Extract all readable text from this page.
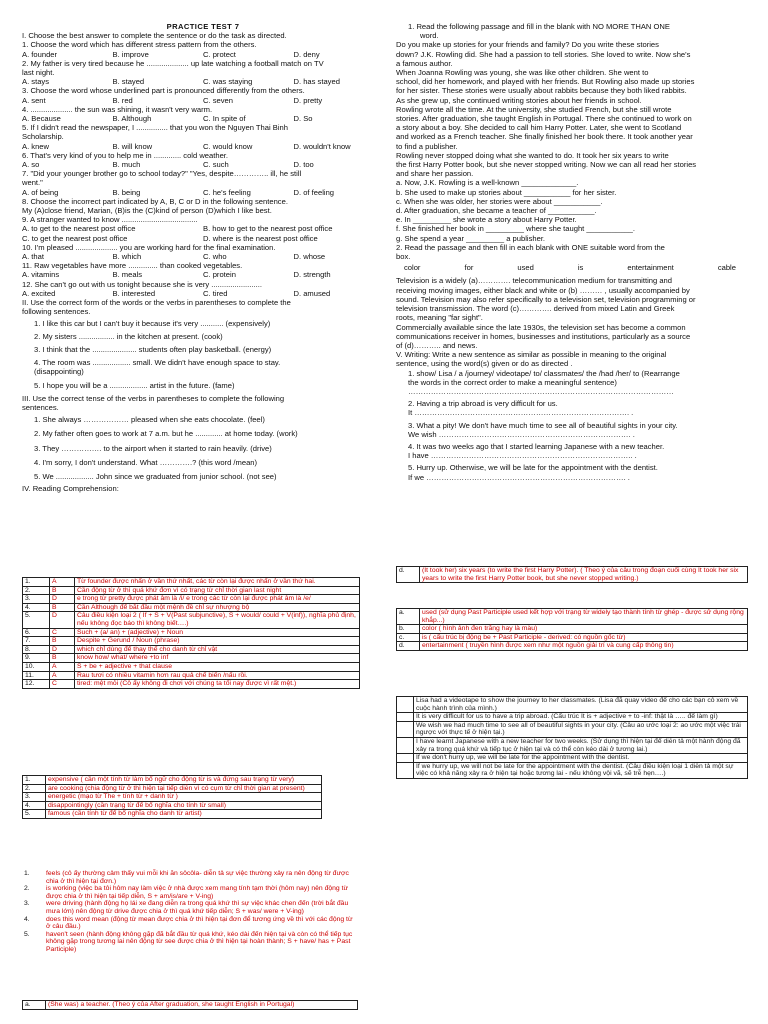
PRACTICE TEST 7
I. Choose the best answer to complete the sentence or do the task as directed.
1. Choose the word which has different stress pattern from the others.
A. founder	B. improve	C. protect	D. deny
2. My father is very tired because he .................... up late watching a football match on TV
last night.
A. stays	B. stayed	C. was staying	D. has stayed
3. Choose the word whose underlined part is pronounced differently from the others.
A. sent	B. red	C. seven	D. pretty
4. .................... the sun was shining, it wasn't very warm.
A. Because	B. Although	C. In spite of	D. So
5. If I didn't read the newspaper, I ............... that you won the Nguyen Thai Binh
Scholarship.
A. knew	B. will know	C. would know	D. wouldn't know
6. That's very kind of you to help me in ............. cold weather.
A. so	B. much	C. such	D. too
7. "Did your younger brother go to school today?" "Yes, despite………….. ill, he still
went."
A. of being	B. being	C. he's feeling	D. of feeling
8. Choose the incorrect part indicated by A, B, C or D in the following sentence.
My (A)close friend, Marian, (B)is the (C)kind of person (D)which I like best.
9. A stranger wanted to know ....................................
A. to get to the nearest post office	B. how to get to the nearest post office
C. to get the nearest post office	D. where is the nearest post office
10. I'm pleased .................... you are working hard for the final examination.
A. that	B. which	C. who	D. whose
11. Raw vegetables have more .............. than cooked vegetables.
A. vitamins	B. meals	C. protein	D. strength
12. She can't go out with us tonight because she is very ........................
A. excited	B. interested	C. tired	D. amused
II. Use the correct form of the words or the verbs in parentheses to complete the
following sentences.
1. I like this car but I can't buy it because it's very ........... (expensively)
2. My sisters ................. in the kitchen at present. (cook)
3. I think that the ..................... students often play basketball. (energy)
4. The room was .................. small. We didn't have enough space to stay.
(disappointing)
5. I hope you will be a .................. artist in the future. (fame)
III. Use the correct tense of the verbs in parentheses to complete the following
sentences.
1. She always ……………… pleased when she eats chocolate. (feel)
2. My father often goes to work at 7 a.m. but he ............. at home today. (work)
3. They ……………. to the airport when it started to rain heavily. (drive)
4. I'm sorry, I don't understand. What ………….? (this word /mean)
5. We .................. John since we graduated from junior school. (not see)
IV. Reading Comprehension:
1. Read the following passage and fill in the blank with NO MORE THAN ONE
word.
Do you make up stories for your friends and family? Do you write these stories
down? J.K. Rowling did. She had a passion to tell stories. She loved to write. Now she's
a famous author.
When Joanna Rowling was young, she was like other children. She went to
school, did her homework, and played with her friends. But Rowling also made up stories
for her sister. These stories were usually about rabbits because they both liked rabbits.
As she grew up, she continued writing stories about her friends in school.
Rowling wrote all the time. At the university, she studied French, but she still wrote
stories. After graduation, she taught English in Portugal. There she continued to work on
a story about a boy. She decided to call him Harry Potter. Later, she went to Scotland
and worked as a French teacher. She finally finished her book there. It took another year
to find a publisher.
Rowling never stopped doing what she wanted to do. It took her six years to write
the first Harry Potter book, but she never stopped writing. Now we can all read her stories
and share her passion.
a. Now, J.K. Rowling is a well-known _____________.
b. She used to make up stories about ___________ for her sister.
c. When she was older, her stories were about ___________.
d. After graduation, she became a teacher of ___________.
e. In _________ she wrote a story about Harry Potter.
f. She finished her book in _________ where she taught ___________.
g. She spend a year _________ a publisher.
2. Read the passage and then fill in each blank with ONE suitable word from the
box.
color	for	used	is	entertainment	cable
Television is a widely (a)…………. telecommunication medium for transmitting and
receiving moving images, either black and white or (b) ……… , usually accompanied by
sound. Television may also refer specifically to a television set, television programming or
television transmission. The word (c)…………. derived from mixed Latin and Greek
roots, meaning "far sight".
Commercially available since the late 1930s, the television set has become a common
communications receiver in homes, businesses and institutions, particularly as a source
of (d)……….. and news.
V. Writing: Write a new sentence as similar as possible in meaning to the original
sentence, using the word(s) given or do as directed .
1. show/ Lisa / a /journey/ videotape/ to/ classmates/ the /had /her/ to (Rearrange
the words in the correct order to make a meaningful sentence)
……………………………………………………………………………………………
2. Having a trip abroad is very difficult for us.
It …………………………………………………………………………. .
3. What a pity! We don't have much time to see all of beautiful sights in your city.
We wish …………………………………………………………………. .
4. It was two weeks ago that I started learning Japanese with a new teacher.
I have …………………………………………………………………….. .
5. Hurry up. Otherwise, we will be late for the appointment with the dentist.
If we ……………………………………………………………………. .
1.	A	Từ founder được nhấn ở vần thứ nhất, các từ còn lại được nhấn ở vần thứ hai.
2.	B	Cần động từ ở thì quá khứ đơn vì có trạng từ chỉ thời gian last night
3.	D	e trong từ pretty được phát âm là /i/ e trong các từ còn lại được phát âm là /e/
4.	B	Cần Although để bắt đầu một mệnh đề chỉ sự nhượng bộ
5.	D	Câu điều kiện loại 2 ( If + S + V(Past subjunctive), S + would/ could + V(inf)), nghĩa phủ định, nếu không đọc báo thì không biết….)
6.	C	Such + (a/ an) + (adjective) + Noun
7.	B	Despite + Gerund / Noun (phrase)
8.	D	which chỉ dùng để thay thế cho danh từ chỉ vật
9.	B	know how/ what/ where +to inf
10.	A	S + be + adjective + that clause
11.	A	Rau tươi có nhiều vitamin hơn rau quả chế biến /nấu rồi.
12.	C	tired: mệt mỏi (Cô ấy không đi chơi với chúng ta tối nay được vì rất mệt.)
1.	expensive ( cần một tính từ làm bổ ngữ cho động từ is và đứng sau trạng từ very)
2.	are cooking (chia động từ ở thì hiện tại tiếp diễn vì có cụm từ chỉ thời gian at present)
3.	energetic (mạo từ The + tính từ + danh từ )
4.	disappointingly (cần trạng từ để bổ nghĩa cho tính từ small)
5.	famous (cần tính từ để bổ nghĩa cho danh từ artist)
1.	feels (cô ấy thường cảm thấy vui mỗi khi ăn sôcôla- diễn tả sự việc thường xảy ra nên động từ được chia ở thì hiện tại đơn.)
2.	is working (việc ba tôi hôm nay làm việc ở nhà được xem mang tính tạm thời (hôm nay) nên động từ được chia ở thì hiện tại tiếp diễn, S + am/is/are + V-ing)
3.	were driving (hành động họ lái xe đang diễn ra trong quá khứ thì sự việc khác chen đến (trời bắt đầu mưa lớn) nên động từ drive được chia ở thì quá khứ tiếp diễn; S + was/ were + V-ing)
4.	does this word mean (động từ mean được chia ở thì hiện tại đơn để tương ứng về thì với các động từ ở câu đầu.)
5.	haven't seen (hành động không gặp đã bắt đầu từ quá khứ, kéo dài đến hiện tại và còn có thể tiếp tục không gặp trong tương lai nên động từ see được chia ở thì hiện tại hoàn thành; S + have/ has + Past Participle)
a.	(She was) a teacher. (Theo ý của After graduation, she taught English in Portugal)
d.	(It took her) six years (to write the first Harry Potter). ( Theo ý của câu trong đoạn cuối cùng It took her six years to write the first Harry Potter book, but she never stopped writing.)
a.	used (sử dụng Past Participle used kết hợp với trạng từ widely tạo thành tính từ ghép - được sử dụng rộng khắp...)
b.	color ( hình ảnh đen trắng hay là màu)
c.	is ( cấu trúc bị động be + Past Participle - derived: có nguồn gốc từ)
d.	entertainment ( truyền hình được xem như một nguồn giải trí và cung cấp thông tin)
	Lisa had a videotape to show the journey to her classmates. (Lisa đã quay video để cho các bạn cô xem về cuộc hành trình của mình.)
	It is very difficult for us to have a trip abroad. (Cấu trúc It is + adjective + to -inf: thật là ….. để làm gì)
	We wish we had much time to see all of beautiful sights in your city. (Câu ao ước loại 2: ao ước một việc trái ngược với thực tế ở hiện tại.)
	I have learnt Japanese with a new teacher for two weeks. (Sử dụng thì hiện tại để diễn tả một hành động đã xảy ra trong quá khứ và tiếp tục ở hiện tại và có thể còn kéo dài ở tương lai.)
	If we don't hurry up, we will be late for the appointment with the dentist.
	If we hurry up, we will not be late for the appointment with the dentist. (Câu điều kiện loại 1 diễn tả một sự việc có khả năng xảy ra ở hiện tại hoặc tương lai - nếu không vội vã, sẽ trễ hẹn….)
